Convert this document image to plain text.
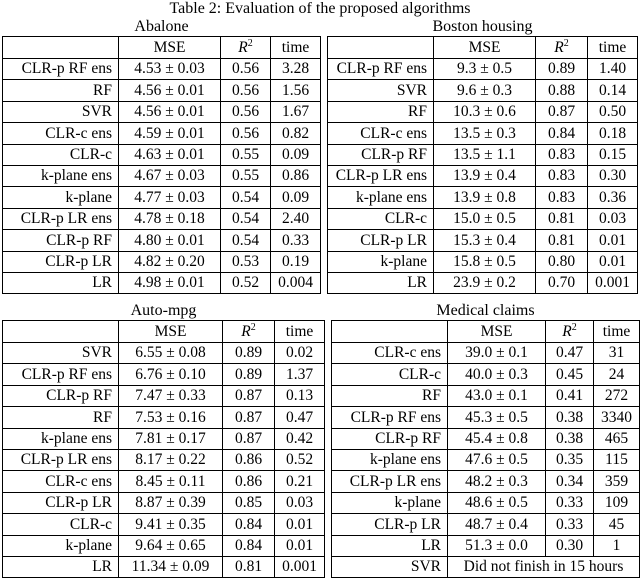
Table 2: Evaluation of the proposed algorithms
Abalone
	MSE	$R^2$	time
CLR-p RF ens	4.53 ± 0.03	0.56	3.28
RF	4.56 ± 0.01	0.56	1.56
SVR	4.56 ± 0.01	0.56	1.67
CLR-c ens	4.59 ± 0.01	0.56	0.82
CLR-c	4.63 ± 0.01	0.55	0.09
k-plane ens	4.67 ± 0.03	0.55	0.86
k-plane	4.77 ± 0.03	0.54	0.09
CLR-p LR ens	4.78 ± 0.18	0.54	2.40
CLR-p RF	4.80 ± 0.01	0.54	0.33
CLR-p LR	4.82 ± 0.20	0.53	0.19
LR	4.98 ± 0.01	0.52	0.004
Boston housing
	MSE	$R^2$	time
CLR-p RF ens	9.3 ± 0.5	0.89	1.40
SVR	9.6 ± 0.3	0.88	0.14
RF	10.3 ± 0.6	0.87	0.50
CLR-c ens	13.5 ± 0.3	0.84	0.18
CLR-p RF	13.5 ± 1.1	0.83	0.15
CLR-p LR ens	13.9 ± 0.4	0.83	0.30
k-plane ens	13.9 ± 0.8	0.83	0.36
CLR-c	15.0 ± 0.5	0.81	0.03
CLR-p LR	15.3 ± 0.4	0.81	0.01
k-plane	15.8 ± 0.5	0.80	0.01
LR	23.9 ± 0.2	0.70	0.001
Auto-mpg
	MSE	$R^2$	time
SVR	6.55 ± 0.08	0.89	0.02
CLR-p RF ens	6.76 ± 0.10	0.89	1.37
CLR-p RF	7.47 ± 0.33	0.87	0.13
RF	7.53 ± 0.16	0.87	0.47
k-plane ens	7.81 ± 0.17	0.87	0.42
CLR-p LR ens	8.17 ± 0.22	0.86	0.52
CLR-c ens	8.45 ± 0.11	0.86	0.21
CLR-p LR	8.87 ± 0.39	0.85	0.03
CLR-c	9.41 ± 0.35	0.84	0.01
k-plane	9.64 ± 0.65	0.84	0.01
LR	11.34 ± 0.09	0.81	0.001
Medical claims
	MSE	$R^2$	time
CLR-c ens	39.0 ± 0.1	0.47	31
CLR-c	40.0 ± 0.3	0.45	24
RF	43.0 ± 0.1	0.41	272
CLR-p RF ens	45.3 ± 0.5	0.38	3340
CLR-p RF	45.4 ± 0.8	0.38	465
k-plane ens	47.6 ± 0.5	0.35	115
CLR-p LR ens	48.2 ± 0.3	0.34	359
k-plane	48.6 ± 0.5	0.33	109
CLR-p LR	48.7 ± 0.4	0.33	45
LR	51.3 ± 0.0	0.30	1
SVR	Did not finish in 15 hours		
